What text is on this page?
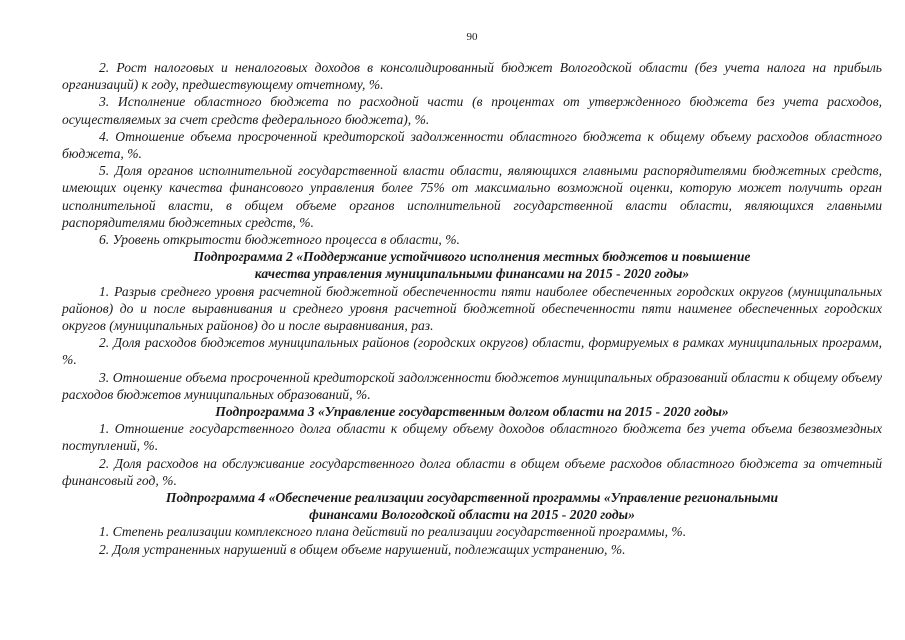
90

2. Рост налоговых и неналоговых доходов в консолидированный бюджет Вологодской области (без учета налога на прибыль организаций) к году, предшествующему отчетному, %.

3. Исполнение областного бюджета по расходной части (в процентах от утвержденного бюджета без учета расходов, осуществляемых за счет средств федерального бюджета), %.

4. Отношение объема просроченной кредиторской задолженности областного бюджета к общему объему расходов областного бюджета, %.

5. Доля органов исполнительной государственной власти области, являющихся главными распорядителями бюджетных средств, имеющих оценку качества финансового управления более 75% от максимально возможной оценки, которую может получить орган исполнительной власти, в общем объеме органов исполнительной государственной власти области, являющихся главными распорядителями бюджетных средств, %.

6. Уровень открытости бюджетного процесса в области, %.

Подпрограмма 2 «Поддержание устойчивого исполнения местных бюджетов и повышение
качества управления муниципальными финансами на 2015 - 2020 годы»

1. Разрыв среднего уровня расчетной бюджетной обеспеченности пяти наиболее обеспеченных городских округов (муниципальных районов) до и после выравнивания и среднего уровня расчетной бюджетной обеспеченности пяти наименее обеспеченных городских округов (муниципальных районов) до и после выравнивания, раз.

2. Доля расходов бюджетов муниципальных районов (городских округов) области, формируемых в рамках муниципальных программ, %.

3. Отношение объема просроченной кредиторской задолженности бюджетов муниципальных образований области к общему объему расходов бюджетов муниципальных образований, %.

Подпрограмма 3 «Управление государственным долгом области на 2015 - 2020 годы»

1. Отношение государственного долга области к общему объему доходов областного бюджета без учета объема безвозмездных поступлений, %.

2. Доля расходов на обслуживание государственного долга области в общем объеме расходов областного бюджета за отчетный финансовый год, %.

Подпрограмма 4 «Обеспечение реализации государственной программы «Управление региональными
финансами Вологодской области на 2015 - 2020 годы»

1. Степень реализации комплексного плана действий по реализации государственной программы, %.

2. Доля устраненных нарушений в общем объеме нарушений, подлежащих устранению, %.
